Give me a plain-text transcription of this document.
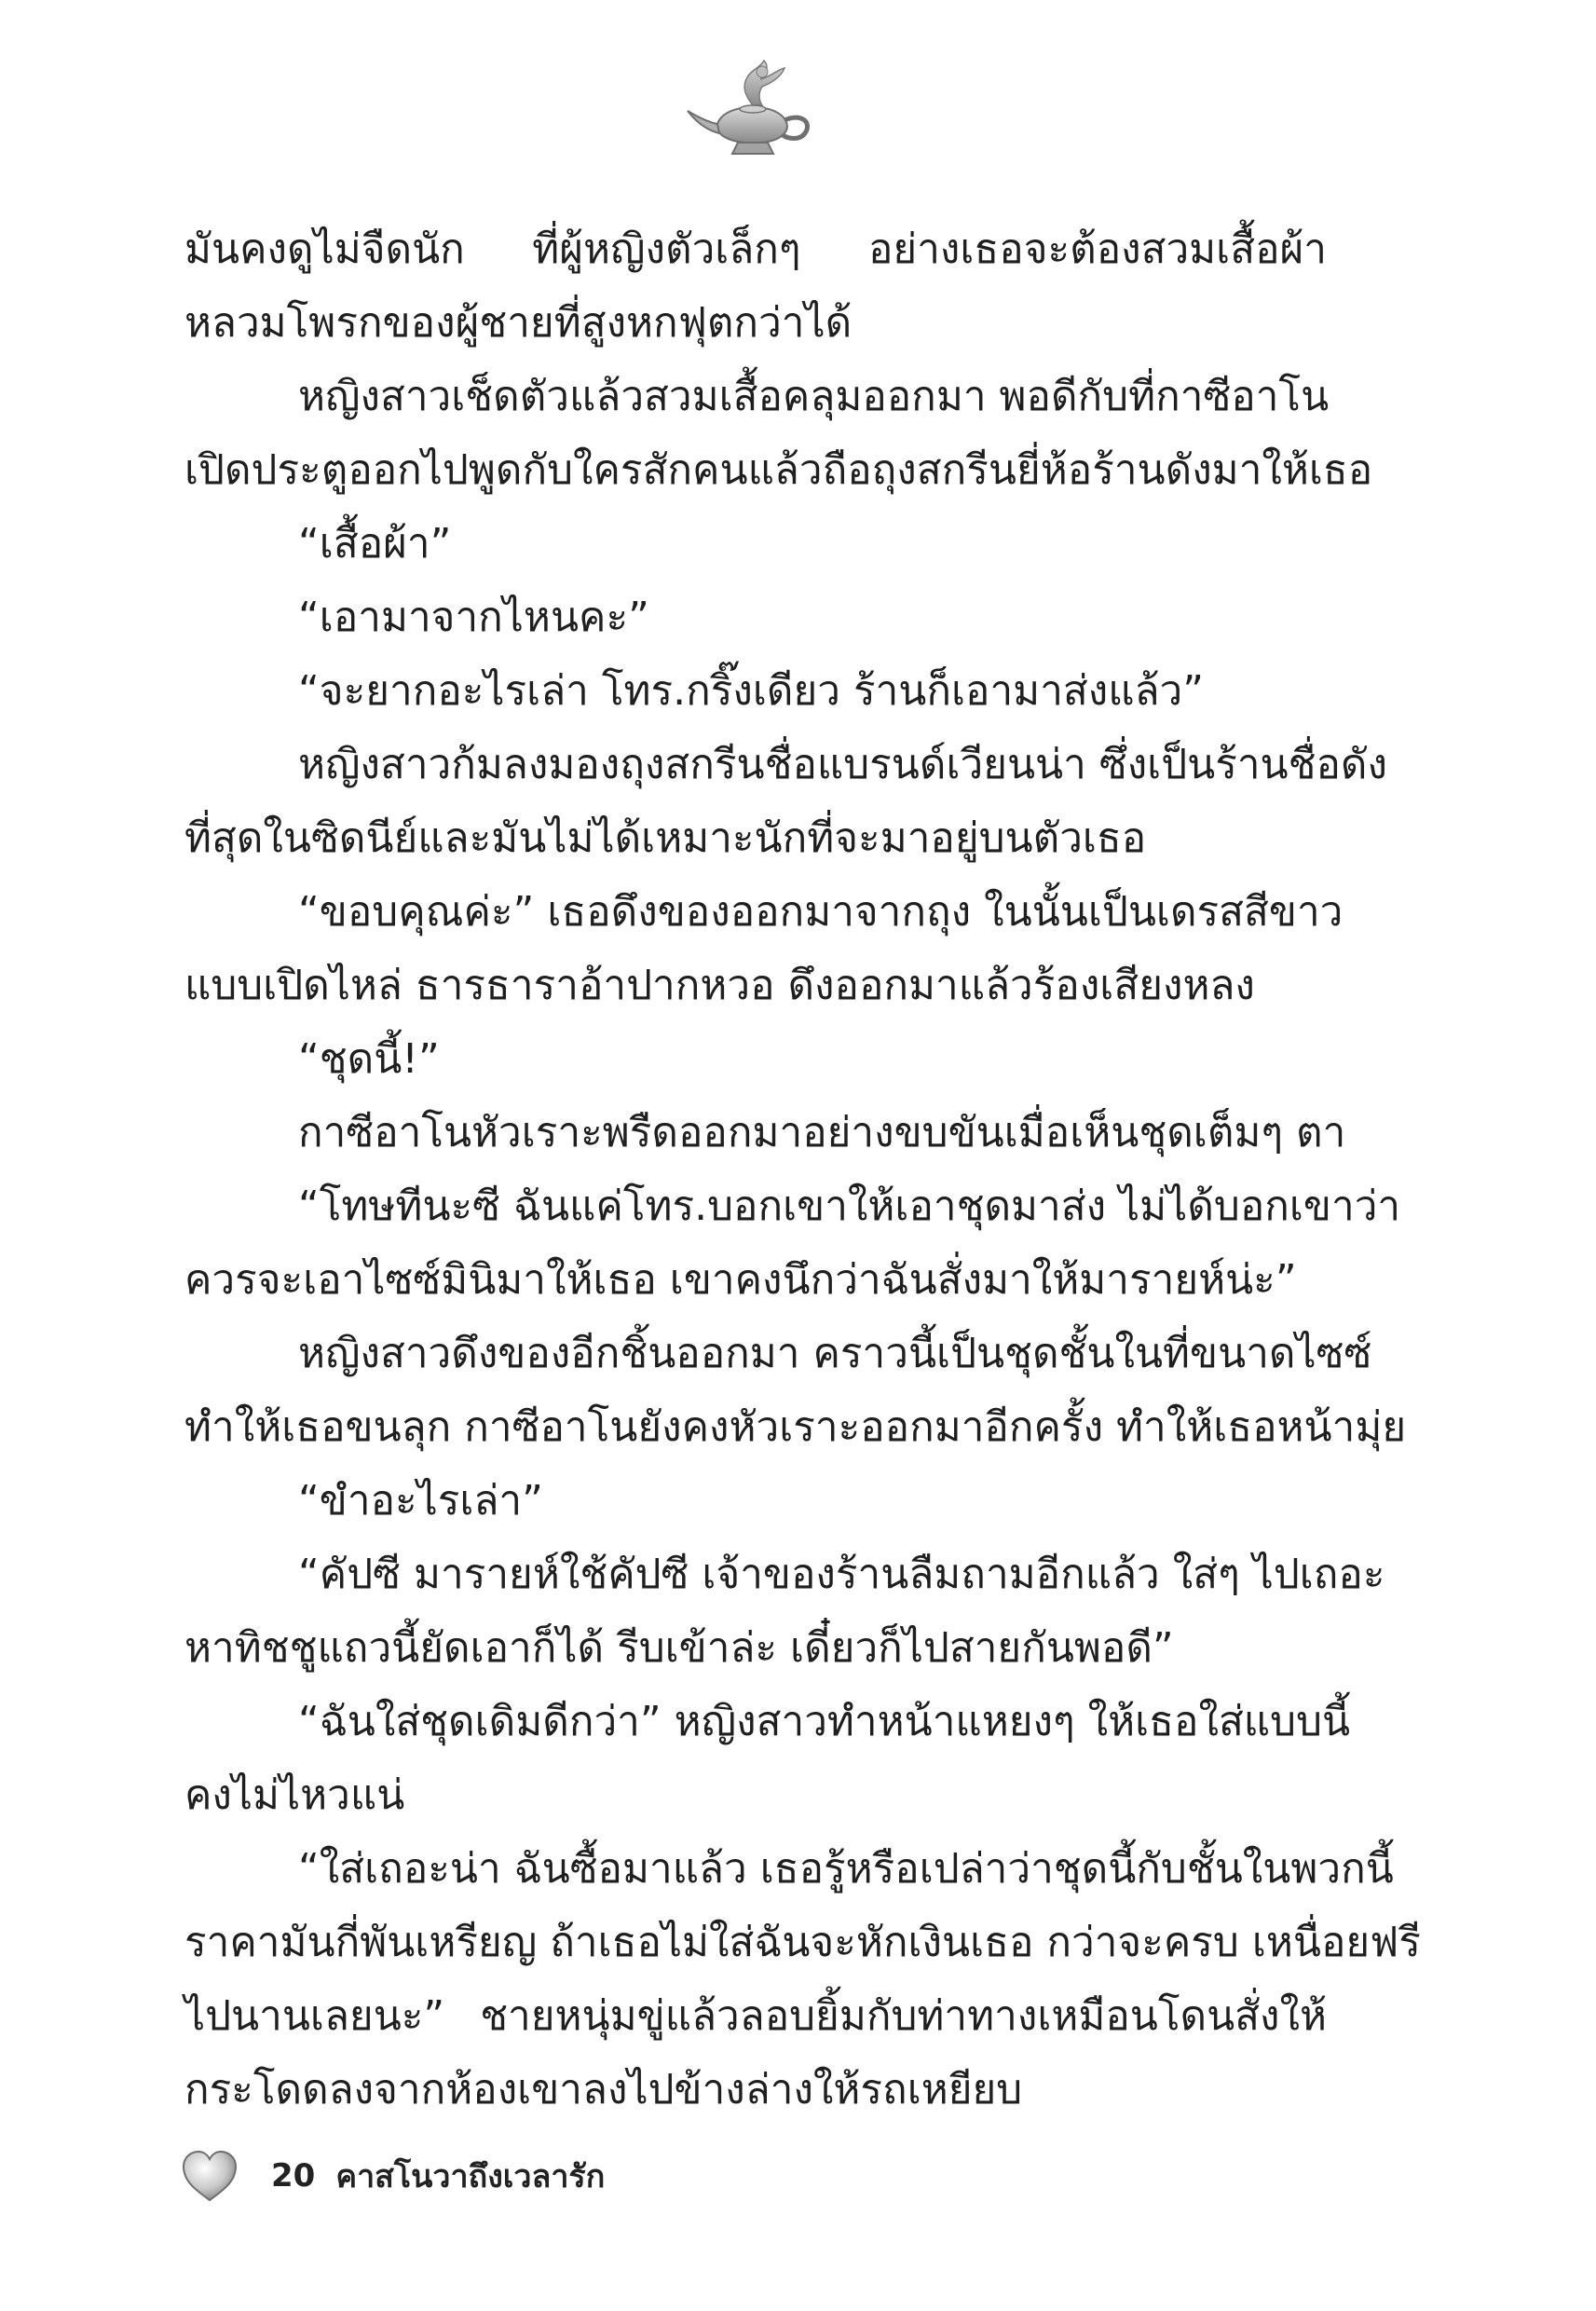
มันคงดูไม่จืดนัก ที่ผู้หญิงตัวเล็กๆ อย่างเธอจะต้องสวมเสื้อผ้า
หลวมโพรกของผู้ชายที่สูงหกฟุตกว่าได้
หญิงสาวเช็ดตัวแล้วสวมเสื้อคลุมออกมา พอดีกับที่กาซีอาโน
เปิดประตูออกไปพูดกับใครสักคนแล้วถือถุงสกรีนยี่ห้อร้านดังมาให้เธอ
“เสื้อผ้า”
“เอามาจากไหนคะ”
“จะยากอะไรเล่า โทร.กริ๊งเดียว ร้านก็เอามาส่งแล้ว”
หญิงสาวก้มลงมองถุงสกรีนชื่อแบรนด์เวียนน่า ซึ่งเป็นร้านชื่อดัง
ที่สุดในซิดนีย์และมันไม่ได้เหมาะนักที่จะมาอยู่บนตัวเธอ
“ขอบคุณค่ะ” เธอดึงของออกมาจากถุง ในนั้นเป็นเดรสสีขาว
แบบเปิดไหล่ ธารธาราอ้าปากหวอ ดึงออกมาแล้วร้องเสียงหลง
“ชุดนี้!”
กาซีอาโนหัวเราะพรืดออกมาอย่างขบขันเมื่อเห็นชุดเต็มๆ ตา
“โทษทีนะซี ฉันแค่โทร.บอกเขาให้เอาชุดมาส่ง ไม่ได้บอกเขาว่า
ควรจะเอาไซซ์มินิมาให้เธอ เขาคงนึกว่าฉันสั่งมาให้มารายห์น่ะ”
หญิงสาวดึงของอีกชิ้นออกมา คราวนี้เป็นชุดชั้นในที่ขนาดไซซ์
ทำให้เธอขนลุก กาซีอาโนยังคงหัวเราะออกมาอีกครั้ง ทำให้เธอหน้ามุ่ย
“ขำอะไรเล่า”
“คัปซี มารายห์ใช้คัปซี เจ้าของร้านลืมถามอีกแล้ว ใส่ๆ ไปเถอะ
หาทิชชูแถวนี้ยัดเอาก็ได้ รีบเข้าล่ะ เดี๋ยวก็ไปสายกันพอดี”
“ฉันใส่ชุดเดิมดีกว่า” หญิงสาวทำหน้าแหยงๆ ให้เธอใส่แบบนี้
คงไม่ไหวแน่
“ใส่เถอะน่า ฉันซื้อมาแล้ว เธอรู้หรือเปล่าว่าชุดนี้กับชั้นในพวกนี้
ราคามันกี่พันเหรียญ ถ้าเธอไม่ใส่ฉันจะหักเงินเธอ กว่าจะครบ เหนื่อยฟรี
ไปนานเลยนะ” ชายหนุ่มขู่แล้วลอบยิ้มกับท่าทางเหมือนโดนสั่งให้
กระโดดลงจากห้องเขาลงไปข้างล่างให้รถเหยียบ
20 คาสโนวาถึงเวลารัก
